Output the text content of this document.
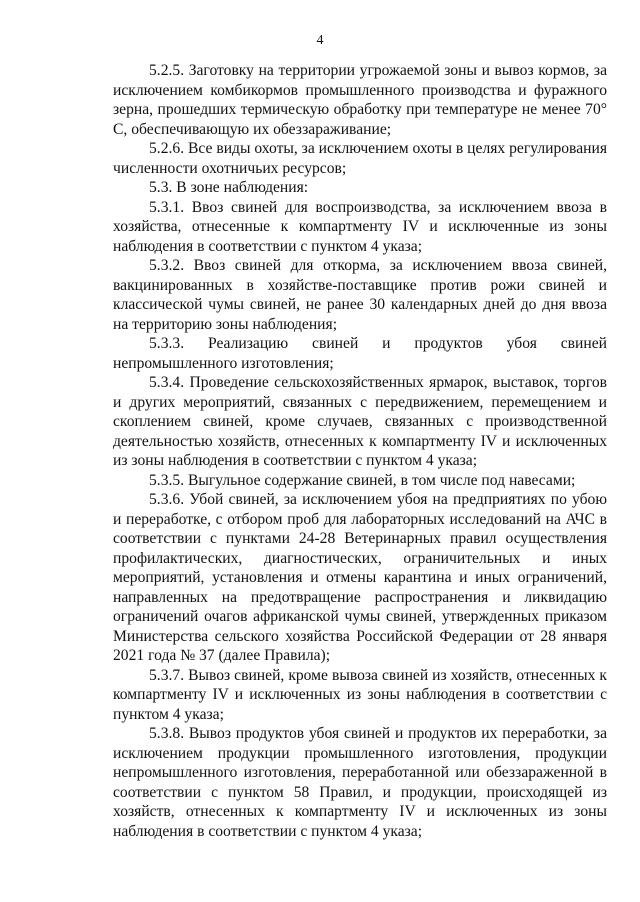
4

5.2.5. Заготовку на территории угрожаемой зоны и вывоз кормов, за исключением комбикормов промышленного производства и фуражного зерна, прошедших термическую обработку при температуре не менее 70° С, обеспечивающую их обеззараживание;

5.2.6. Все виды охоты, за исключением охоты в целях регулирования численности охотничьих ресурсов;

5.3. В зоне наблюдения:

5.3.1. Ввоз свиней для воспроизводства, за исключением ввоза в хозяйства, отнесенные к компартменту IV и исключенные из зоны наблюдения в соответствии с пунктом 4 указа;

5.3.2. Ввоз свиней для откорма, за исключением ввоза свиней, вакцинированных в хозяйстве-поставщике против рожи свиней и классической чумы свиней, не ранее 30 календарных дней до дня ввоза на территорию зоны наблюдения;

5.3.3. Реализацию свиней и продуктов убоя свиней непромышленного изготовления;

5.3.4. Проведение сельскохозяйственных ярмарок, выставок, торгов и других мероприятий, связанных с передвижением, перемещением и скоплением свиней, кроме случаев, связанных с производственной деятельностью хозяйств, отнесенных к компартменту IV и исключенных из зоны наблюдения в соответствии с пунктом 4 указа;

5.3.5. Выгульное содержание свиней, в том числе под навесами;

5.3.6. Убой свиней, за исключением убоя на предприятиях по убою и переработке, с отбором проб для лабораторных исследований на АЧС в соответствии с пунктами 24-28 Ветеринарных правил осуществления профилактических, диагностических, ограничительных и иных мероприятий, установления и отмены карантина и иных ограничений, направленных на предотвращение распространения и ликвидацию ограничений очагов африканской чумы свиней, утвержденных приказом Министерства сельского хозяйства Российской Федерации от 28 января 2021 года № 37 (далее Правила);

5.3.7. Вывоз свиней, кроме вывоза свиней из хозяйств, отнесенных к компартменту IV и исключенных из зоны наблюдения в соответствии с пунктом 4 указа;

5.3.8. Вывоз продуктов убоя свиней и продуктов их переработки, за исключением продукции промышленного изготовления, продукции непромышленного изготовления, переработанной или обеззараженной в соответствии с пунктом 58 Правил, и продукции, происходящей из хозяйств, отнесенных к компартменту IV и исключенных из зоны наблюдения в соответствии с пунктом 4 указа;
